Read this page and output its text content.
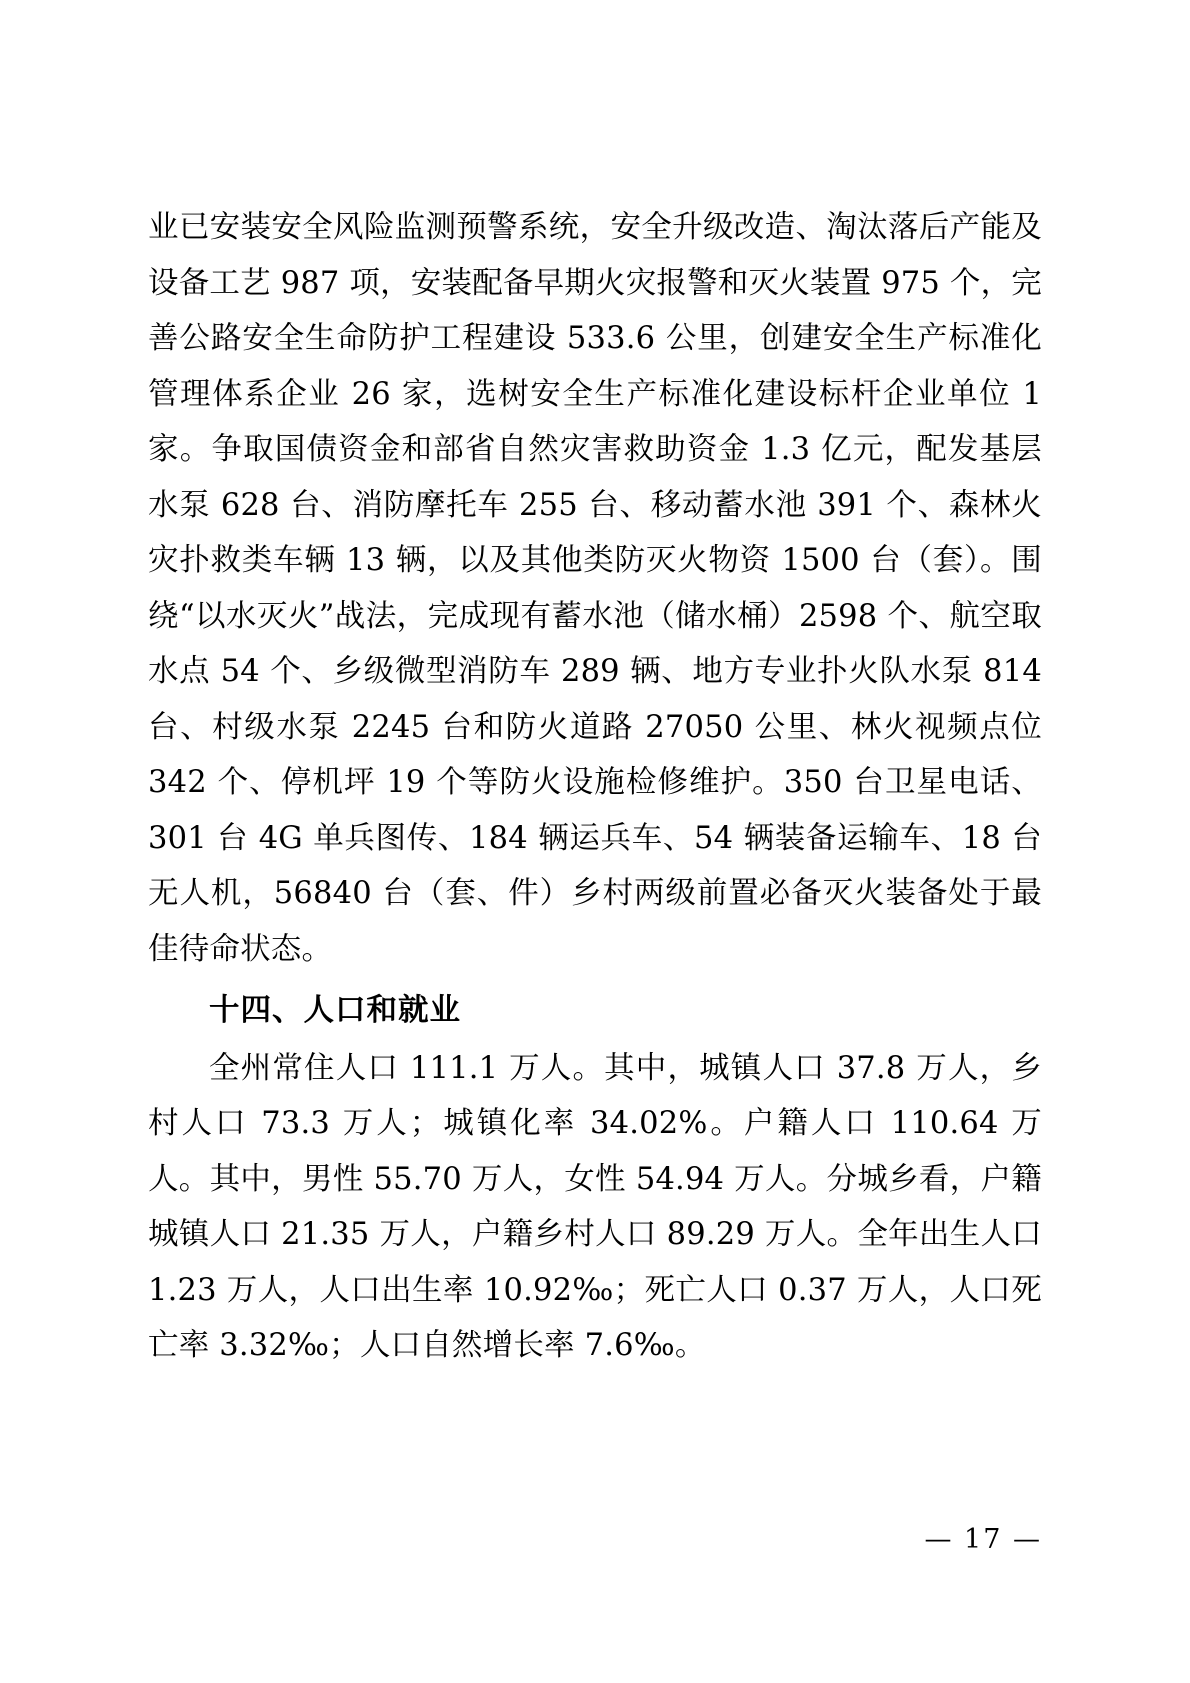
业已安装安全风险监测预警系统，安全升级改造、淘汰落后产能及设备工艺 987 项，安装配备早期火灾报警和灭火装置 975 个，完善公路安全生命防护工程建设 533.6 公里，创建安全生产标准化管理体系企业 26 家，选树安全生产标准化建设标杆企业单位 1 家。争取国债资金和部省自然灾害救助资金 1.3 亿元，配发基层水泵 628 台、消防摩托车 255 台、移动蓄水池 391 个、森林火灾扑救类车辆 13 辆，以及其他类防灭火物资 1500 台（套）。围绕“以水灭火”战法，完成现有蓄水池（储水桶）2598 个、航空取水点 54 个、乡级微型消防车 289 辆、地方专业扑火队水泵 814 台、村级水泵 2245 台和防火道路 27050 公里、林火视频点位 342 个、停机坪 19 个等防火设施检修维护。350 台卫星电话、301 台 4G 单兵图传、184 辆运兵车、54 辆装备运输车、18 台无人机，56840 台（套、件）乡村两级前置必备灭火装备处于最佳待命状态。

十四、人口和就业

全州常住人口 111.1 万人。其中，城镇人口 37.8 万人，乡村人口 73.3 万人；城镇化率 34.02%。户籍人口 110.64 万人。其中，男性 55.70 万人，女性 54.94 万人。分城乡看，户籍城镇人口 21.35 万人，户籍乡村人口 89.29 万人。全年出生人口 1.23 万人，人口出生率 10.92‰；死亡人口 0.37 万人，人口死亡率 3.32‰；人口自然增长率 7.6‰。

— 17 —
